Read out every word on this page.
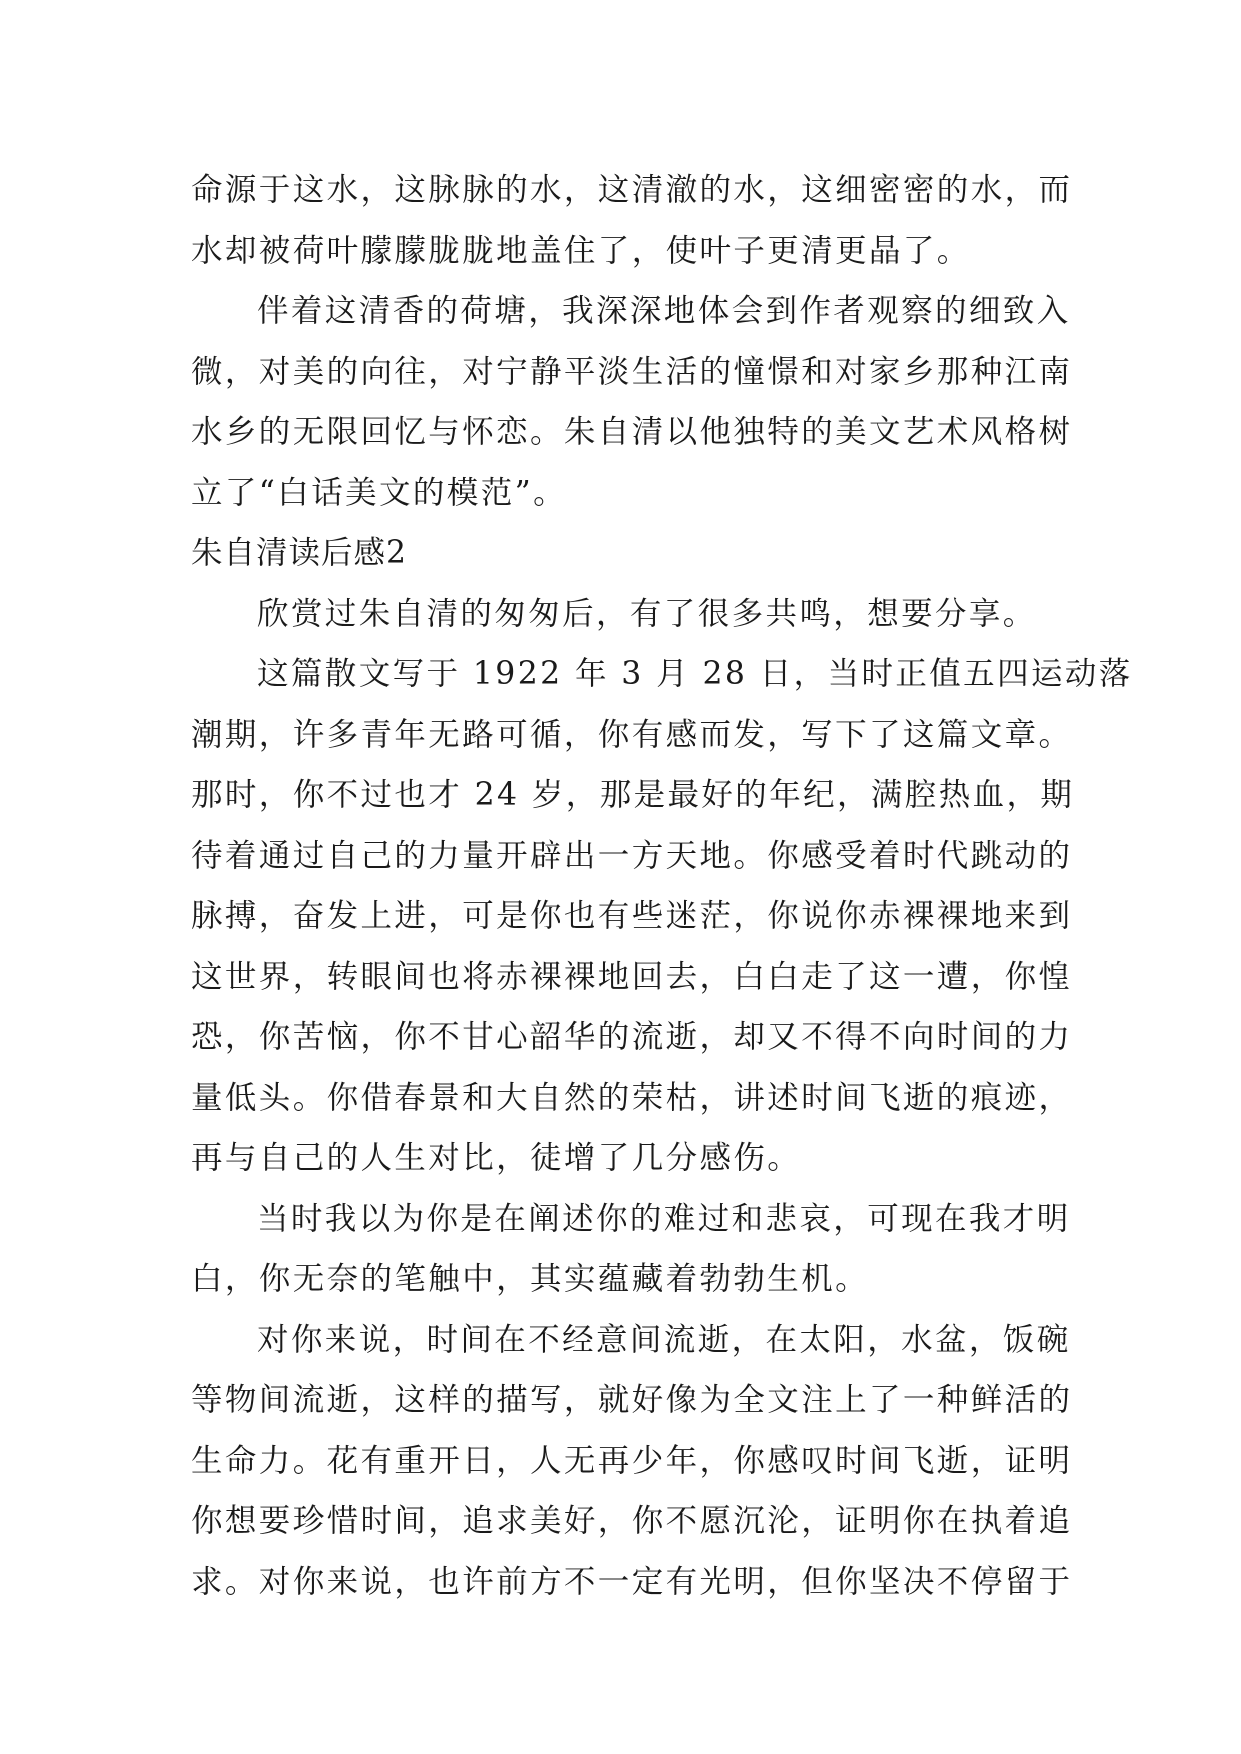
命源于这水，这脉脉的水，这清澈的水，这细密密的水，而
水却被荷叶朦朦胧胧地盖住了，使叶子更清更晶了。
伴着这清香的荷塘，我深深地体会到作者观察的细致入
微，对美的向往，对宁静平淡生活的憧憬和对家乡那种江南
水乡的无限回忆与怀恋。朱自清以他独特的美文艺术风格树
立了“白话美文的模范”。
朱自清读后感2
欣赏过朱自清的匆匆后，有了很多共鸣，想要分享。
这篇散文写于 1922 年 3 月 28 日，当时正值五四运动落
潮期，许多青年无路可循，你有感而发，写下了这篇文章。
那时，你不过也才 24 岁，那是最好的年纪，满腔热血，期
待着通过自己的力量开辟出一方天地。你感受着时代跳动的
脉搏，奋发上进，可是你也有些迷茫，你说你赤裸裸地来到
这世界，转眼间也将赤裸裸地回去，白白走了这一遭，你惶
恐，你苦恼，你不甘心韶华的流逝，却又不得不向时间的力
量低头。你借春景和大自然的荣枯，讲述时间飞逝的痕迹，
再与自己的人生对比，徒增了几分感伤。
当时我以为你是在阐述你的难过和悲哀，可现在我才明
白，你无奈的笔触中，其实蕴藏着勃勃生机。
对你来说，时间在不经意间流逝，在太阳，水盆，饭碗
等物间流逝，这样的描写，就好像为全文注上了一种鲜活的
生命力。花有重开日，人无再少年，你感叹时间飞逝，证明
你想要珍惜时间，追求美好，你不愿沉沦，证明你在执着追
求。对你来说，也许前方不一定有光明，但你坚决不停留于
